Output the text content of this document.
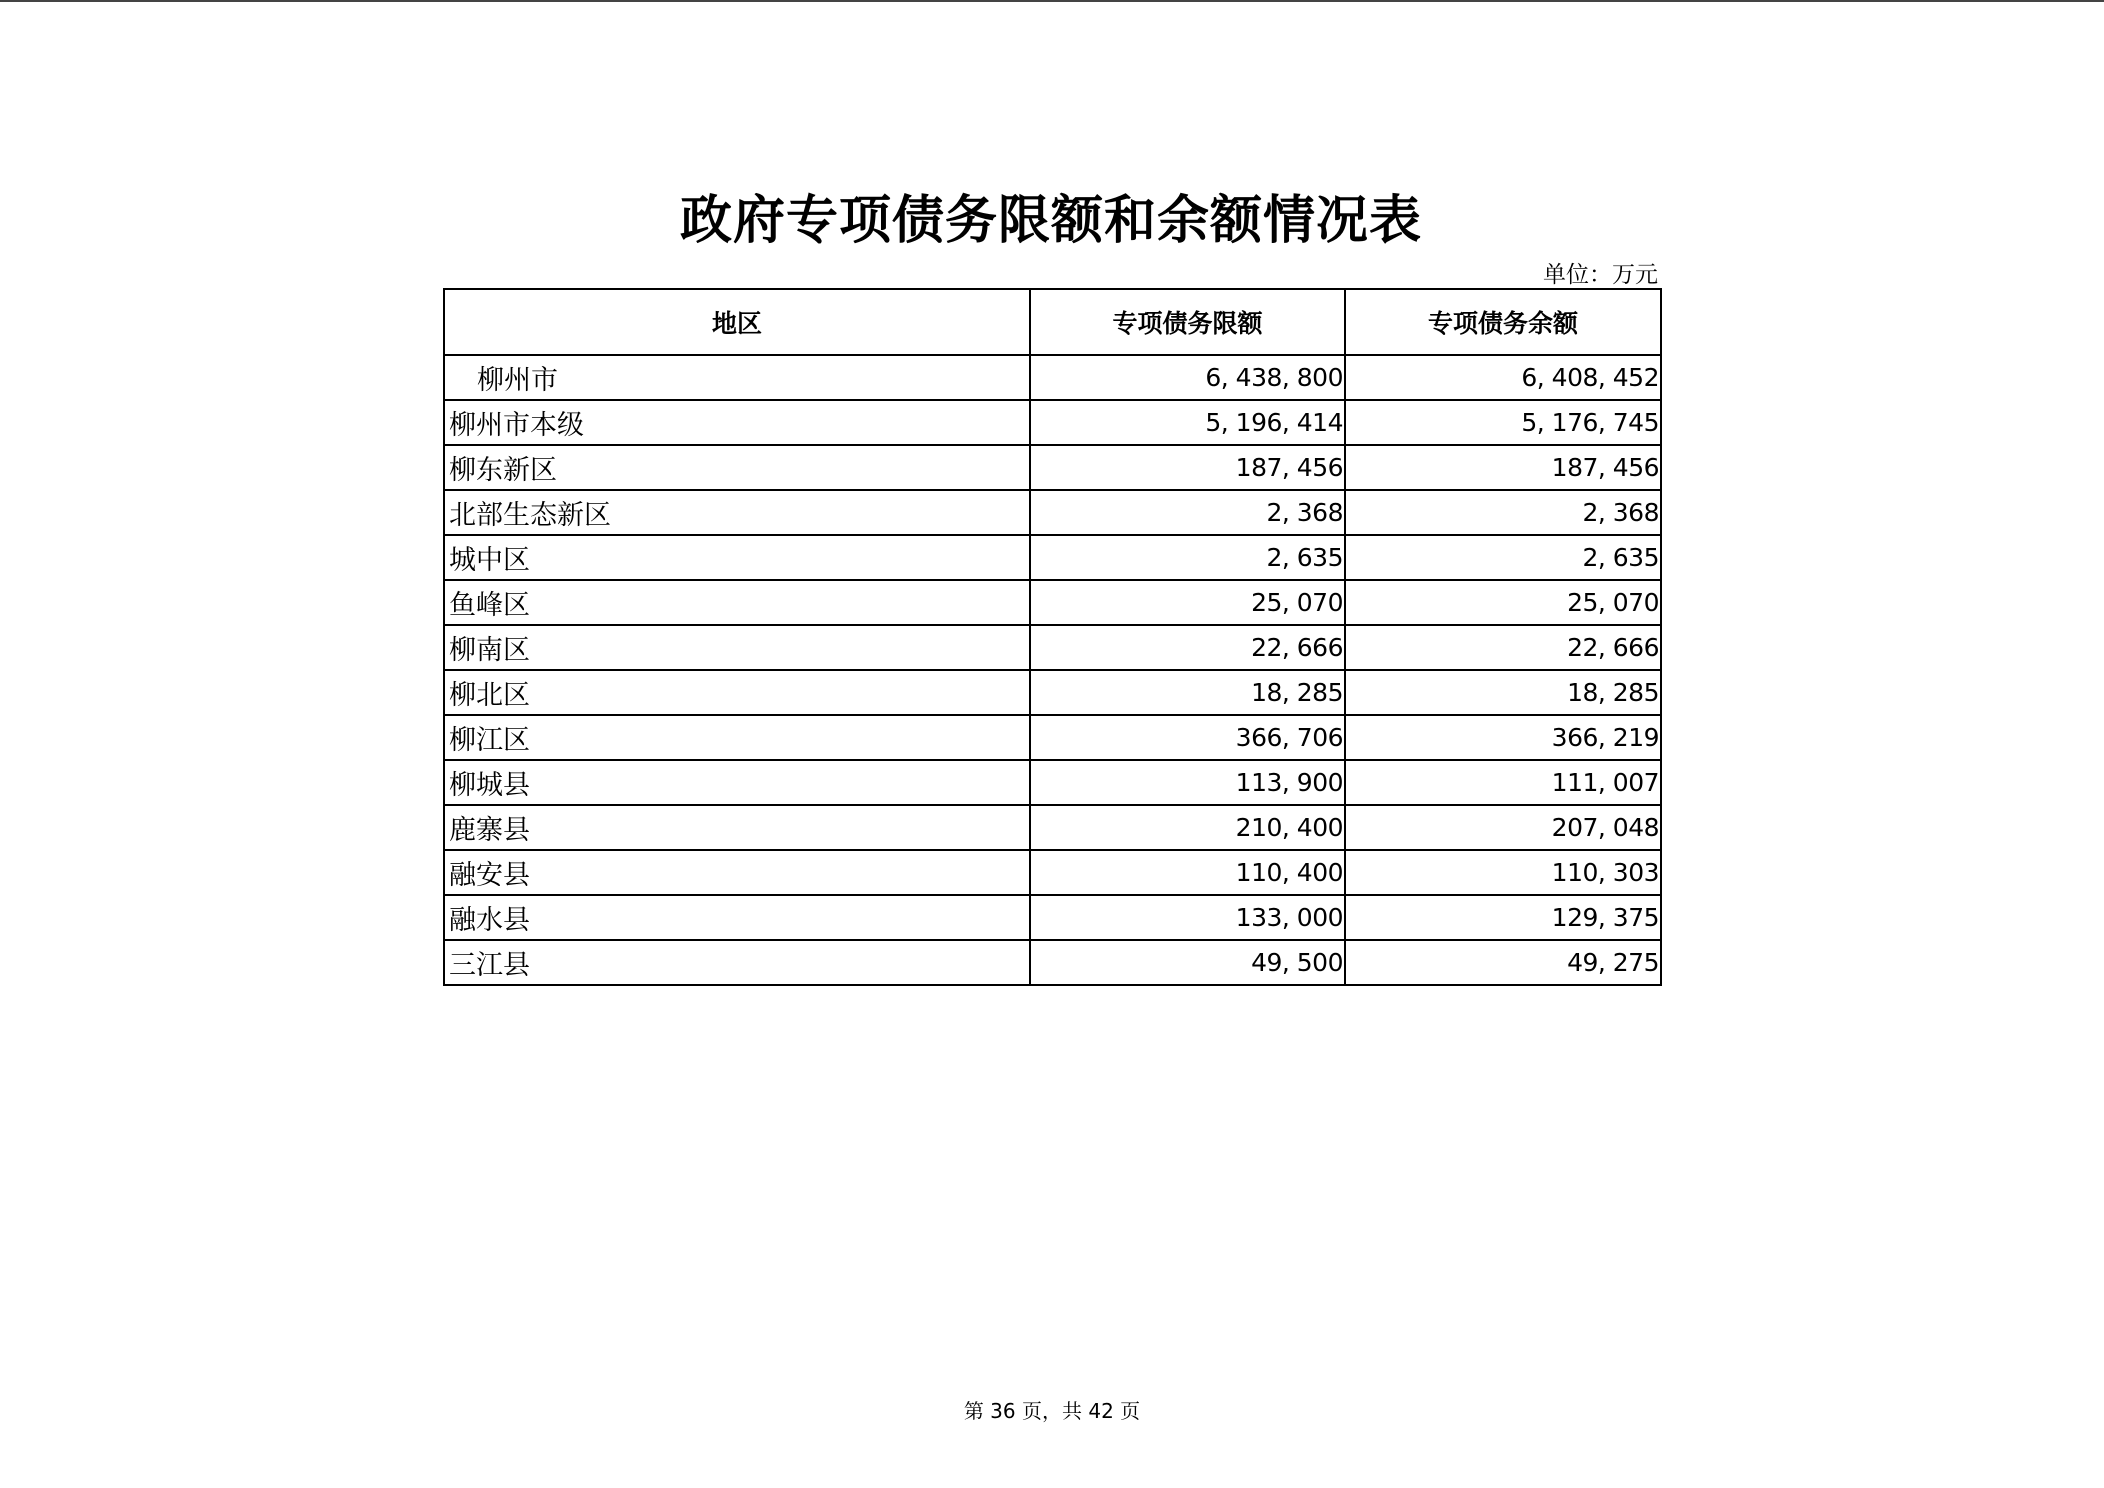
政府专项债务限额和余额情况表
单位：万元
地区	专项债务限额	专项债务余额
柳州市	6, 438, 800	6, 408, 452
柳州市本级	5, 196, 414	5, 176, 745
柳东新区	187, 456	187, 456
北部生态新区	2, 368	2, 368
城中区	2, 635	2, 635
鱼峰区	25, 070	25, 070
柳南区	22, 666	22, 666
柳北区	18, 285	18, 285
柳江区	366, 706	366, 219
柳城县	113, 900	111, 007
鹿寨县	210, 400	207, 048
融安县	110, 400	110, 303
融水县	133, 000	129, 375
三江县	49, 500	49, 275
第 36 页，共 42 页
